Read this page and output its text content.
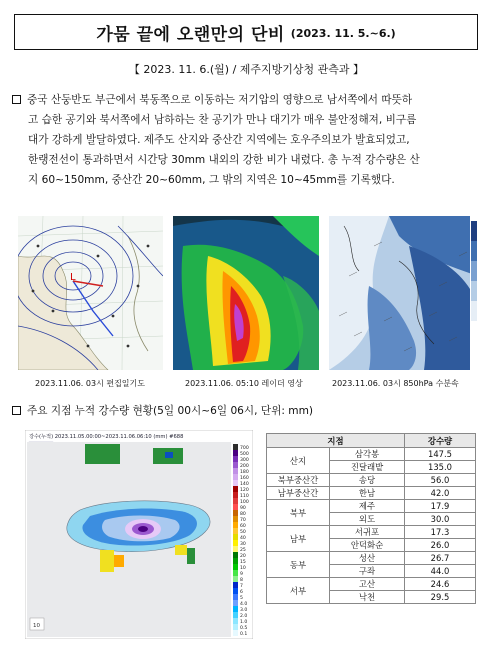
가뭄 끝에 오랜만의 단비 (2023. 11. 5.~6.)
【 2023. 11. 6.(월) / 제주지방기상청 관측과 】
중국 산둥반도 부근에서 북동쪽으로 이동하는 저기압의 영향으로 남서쪽에서 따뜻하
고 습한 공기와 북서쪽에서 남하하는 찬 공기가 만나 대기가 매우 불안정해져, 비구름
대가 강하게 발달하였다. 제주도 산지와 중산간 지역에는 호우주의보가 발효되었고,
한랭전선이 통과하면서 시간당 30mm 내외의 강한 비가 내렸다. 총 누적 강수량은 산
지 60~150mm, 중산간 20~60mm, 그 밖의 지역은 10~45mm를 기록했다.
L
2023.11.06. 03시 편집일기도	2023.11.06. 05:10 레이더 영상	2023.11.06. 03시 850hPa 수분속
주요 지점 누적 강수량 현황(5일 00시~6일 06시, 단위: mm)
강수(누적) 2023.11.05.00:00~2023.11.06.06:10 (mm) #688
10
700
500
300
200
180
160
140
120
110
100
90
80
70
60
50
40
30
25
20
15
10
9
8
7
6
5
4.0
3.0
2.0
1.0
0.5
0.1
지점		강수량
산지	삼각봉	147.5
	진달래밭	135.0
북부중산간	송당	56.0
남부중산간	한남	42.0
북부	제주	17.9
	외도	30.0
남부	서귀포	17.3
	안덕화순	26.0
동부	성산	26.7
	구좌	44.0
서부	고산	24.6
	낙천	29.5
